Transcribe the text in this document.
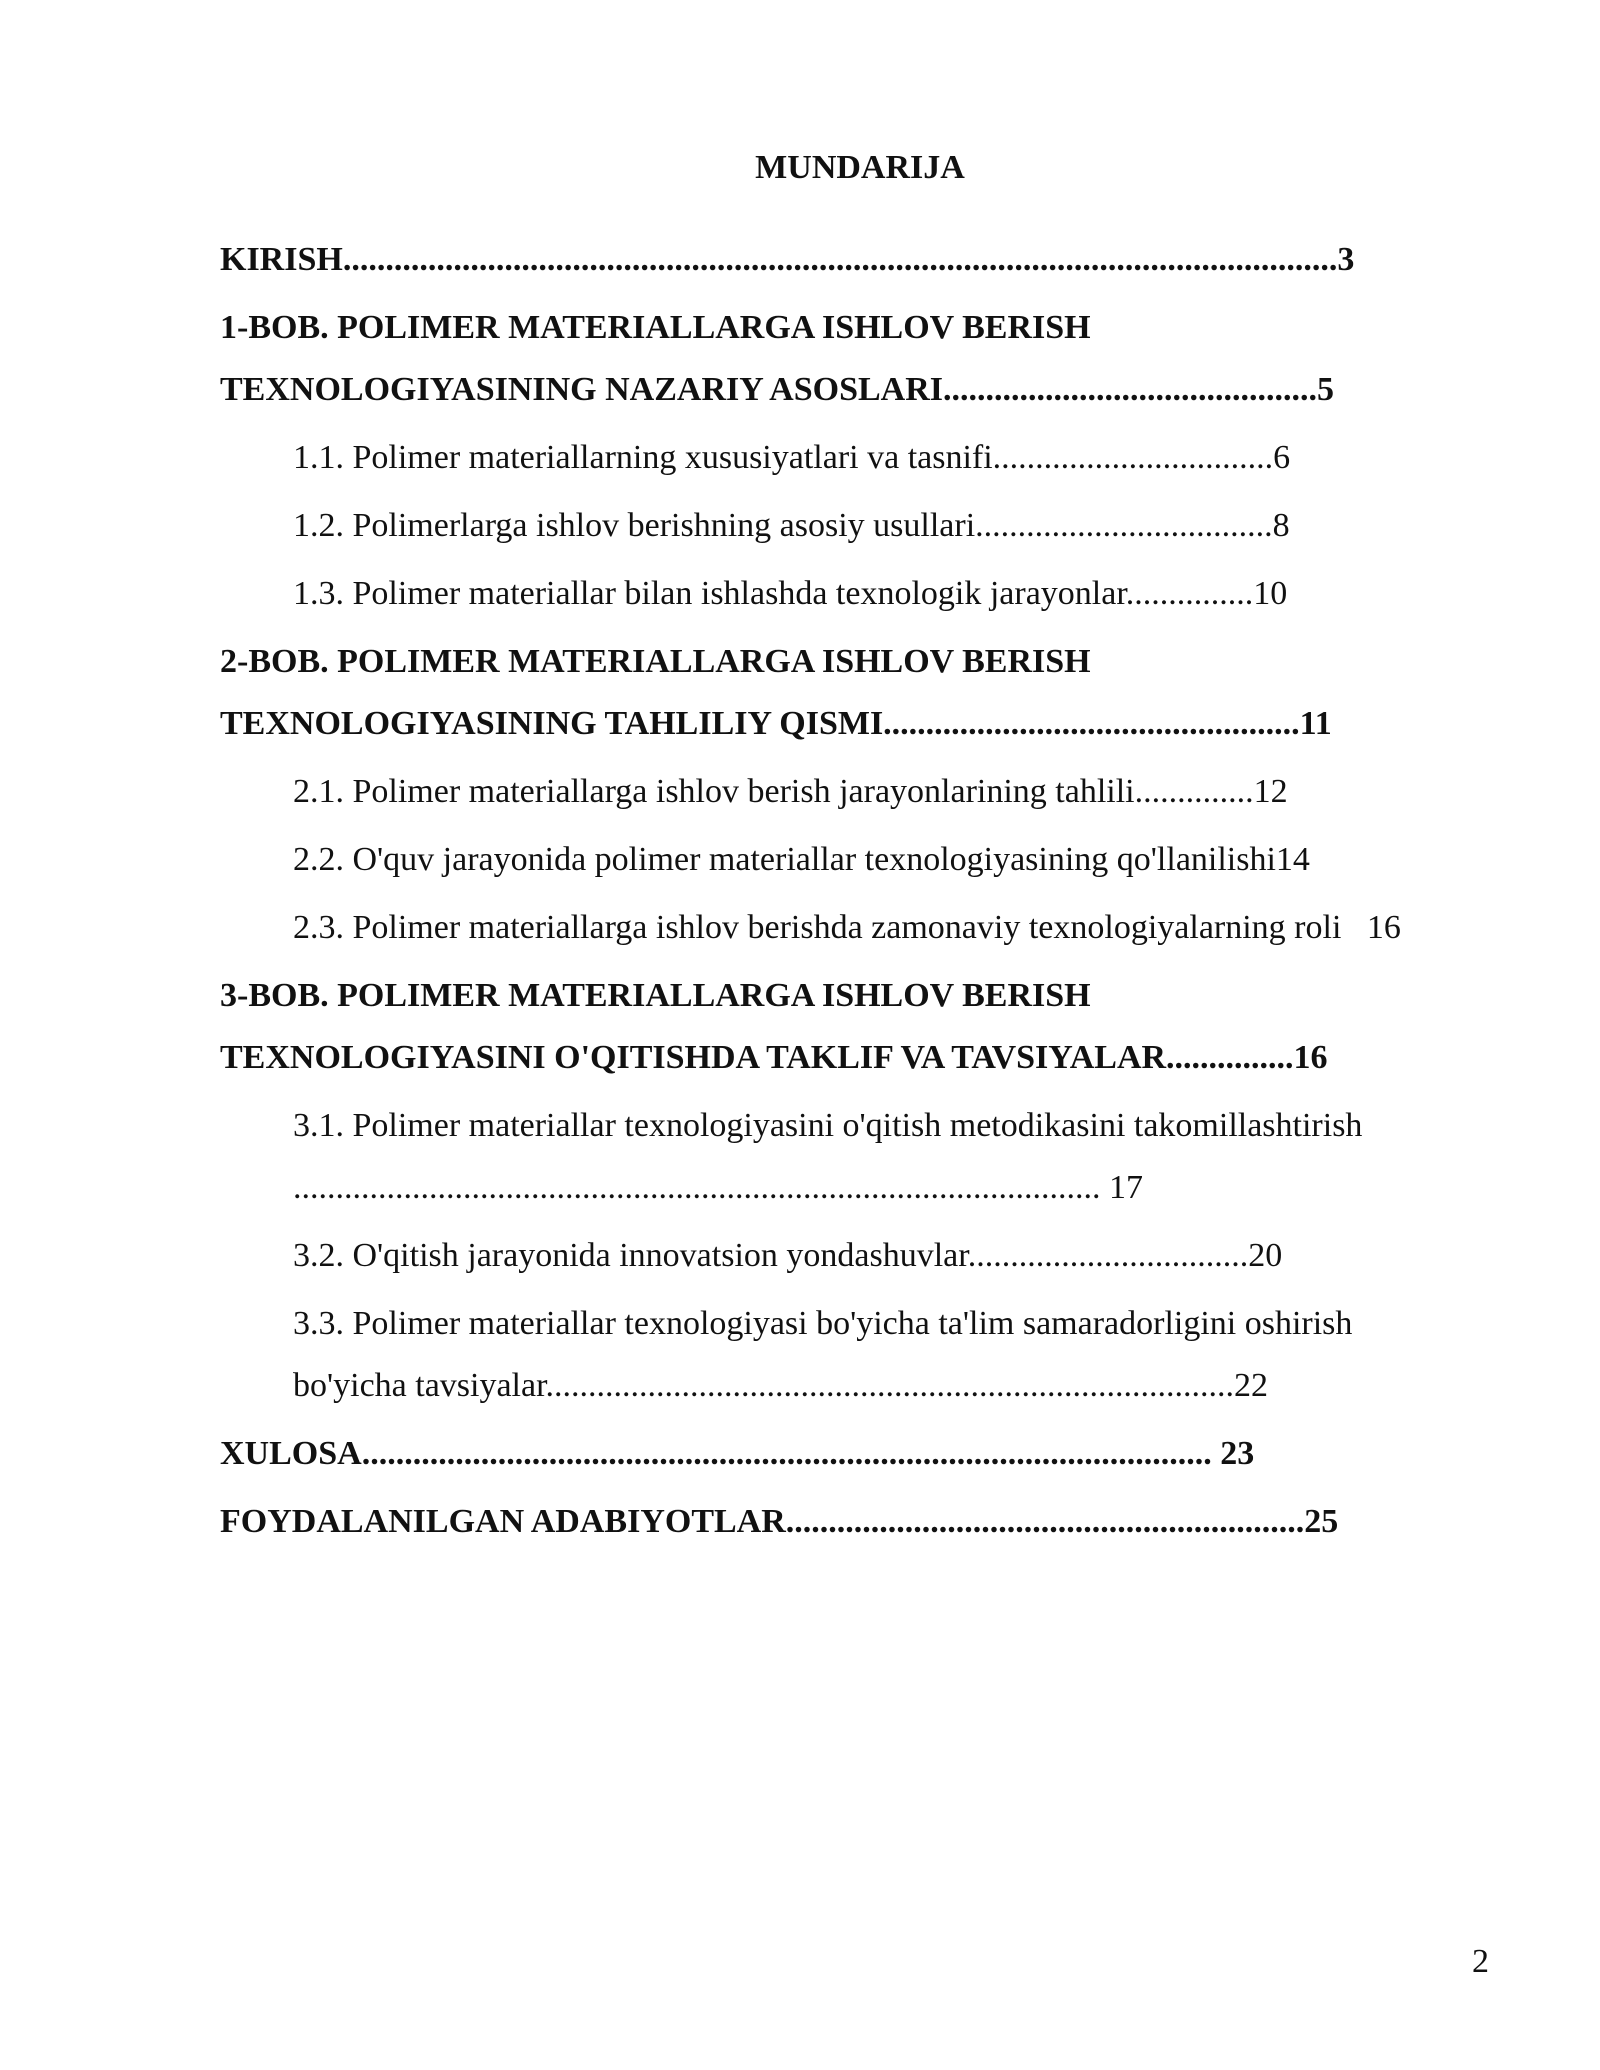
MUNDARIJA
KIRISH.....................................................................................................................3
1-BOB. POLIMER MATERIALLARGA ISHLOV BERISH
TEXNOLOGIYASINING NAZARIY ASOSLARI............................................5
1.1. Polimer materiallarning xususiyatlari va tasnifi.................................6
1.2. Polimerlarga ishlov berishning asosiy usullari...................................8
1.3. Polimer materiallar bilan ishlashda texnologik jarayonlar...............10
2-BOB. POLIMER MATERIALLARGA ISHLOV BERISH
TEXNOLOGIYASINING TAHLILIY QISMI.................................................11
2.1. Polimer materiallarga ishlov berish jarayonlarining tahlili..............12
2.2. O'quv jarayonida polimer materiallar texnologiyasining qo'llanilishi14
2.3. Polimer materiallarga ishlov berishda zamonaviy texnologiyalarning roli   16
3-BOB. POLIMER MATERIALLARGA ISHLOV BERISH
TEXNOLOGIYASINI O'QITISHDA TAKLIF VA TAVSIYALAR...............16
3.1. Polimer materiallar texnologiyasini o'qitish metodikasini takomillashtirish
............................................................................................... 17
3.2. O'qitish jarayonida innovatsion yondashuvlar.................................20
3.3. Polimer materiallar texnologiyasi bo'yicha ta'lim samaradorligini oshirish
bo'yicha tavsiyalar.................................................................................22
XULOSA.................................................................................................... 23
FOYDALANILGAN ADABIYOTLAR.............................................................25
2
